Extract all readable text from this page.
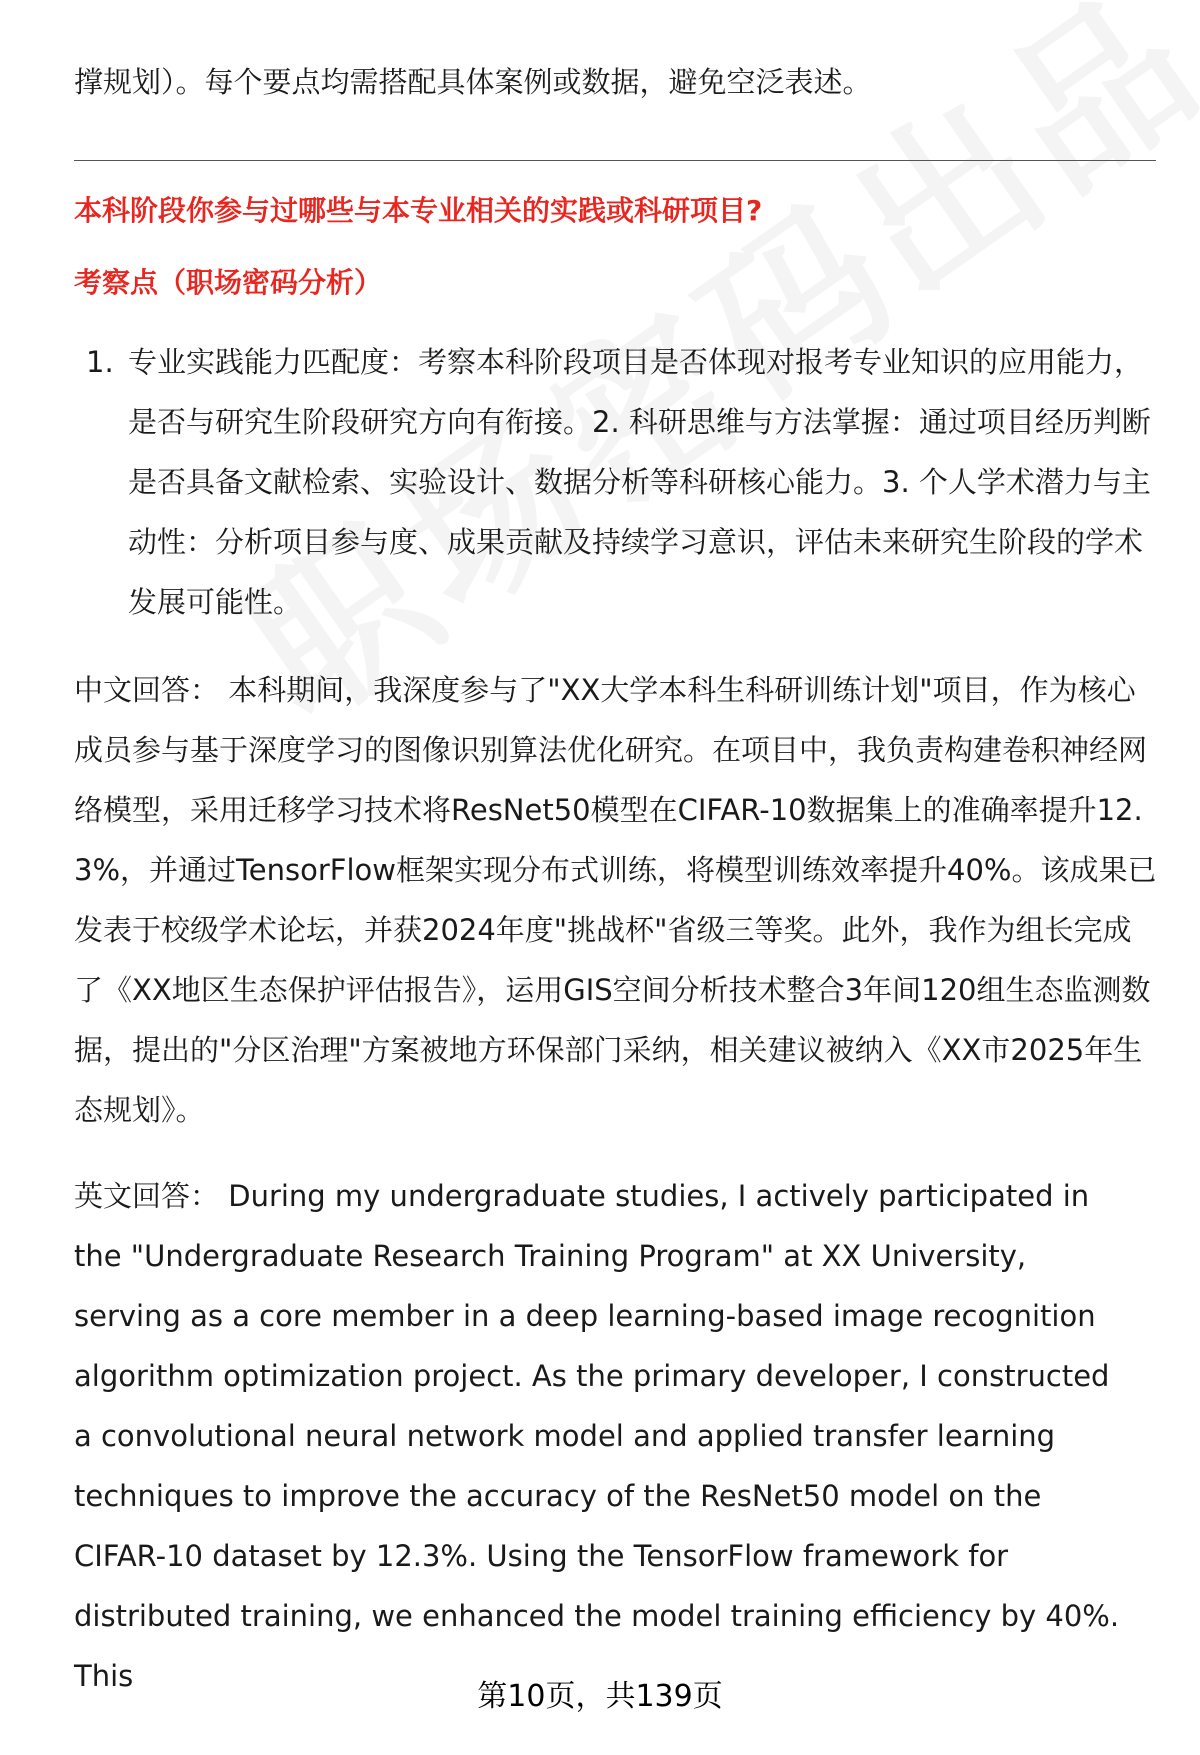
撑规划）。每个要点均需搭配具体案例或数据，避免空泛表述。

本科阶段你参与过哪些与本专业相关的实践或科研项目?

考察点（职场密码分析）

1. 专业实践能力匹配度：考察本科阶段项目是否体现对报考专业知识的应用能力，是否与研究生阶段研究方向有衔接。2. 科研思维与方法掌握：通过项目经历判断是否具备文献检索、实验设计、数据分析等科研核心能力。3. 个人学术潜力与主动性：分析项目参与度、成果贡献及持续学习意识，评估未来研究生阶段的学术发展可能性。

中文回答： 本科期间，我深度参与了"XX大学本科生科研训练计划"项目，作为核心成员参与基于深度学习的图像识别算法优化研究。在项目中，我负责构建卷积神经网络模型，采用迁移学习技术将ResNet50模型在CIFAR-10数据集上的准确率提升12.3%，并通过TensorFlow框架实现分布式训练，将模型训练效率提升40%。该成果已发表于校级学术论坛，并获2024年度"挑战杯"省级三等奖。此外，我作为组长完成了《XX地区生态保护评估报告》，运用GIS空间分析技术整合3年间120组生态监测数据，提出的"分区治理"方案被地方环保部门采纳，相关建议被纳入《XX市2025年生态规划》。

英文回答： During my undergraduate studies, I actively participated in the "Undergraduate Research Training Program" at XX University, serving as a core member in a deep learning-based image recognition algorithm optimization project. As the primary developer, I constructed a convolutional neural network model and applied transfer learning techniques to improve the accuracy of the ResNet50 model on the CIFAR-10 dataset by 12.3%. Using the TensorFlow framework for distributed training, we enhanced the model training efficiency by 40%. This

第10页，共139页
